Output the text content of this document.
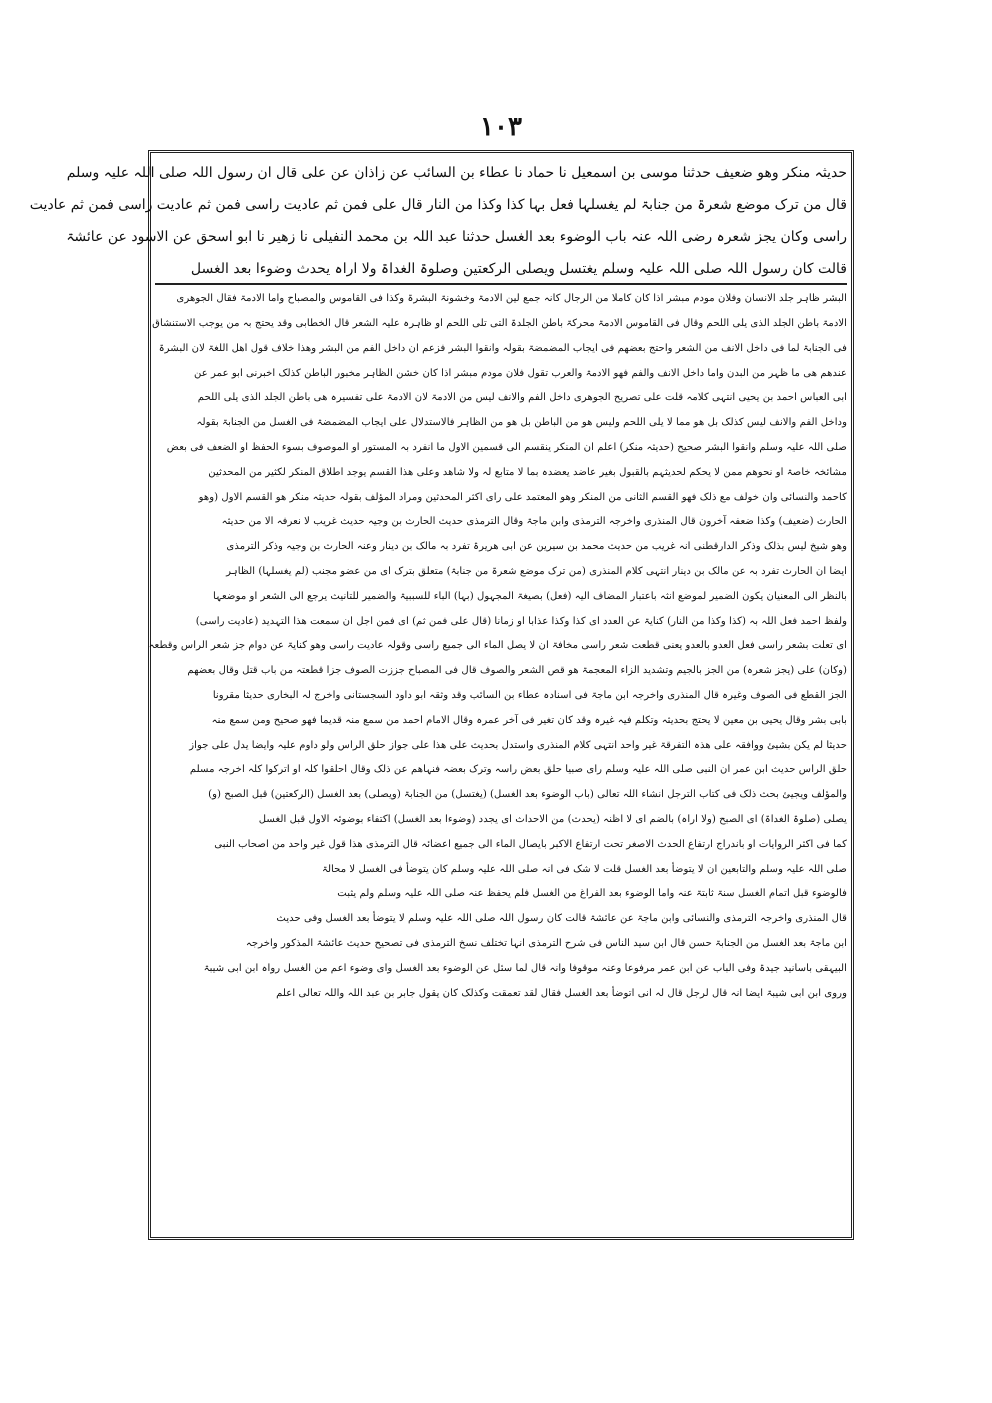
١٠٣
حدیثہ منکر وھو ضعیف حدثنا موسی بن اسمعیل نا حماد نا عطاء بن السائب عن زاذان عن علی قال ان رسول اللہ صلی اللہ علیہ وسلم
قال من ترک موضع شعرۃ من جنابۃ لم یغسلہا فعل بہا کذا وکذا من النار قال علی فمن ثم عادیت راسی فمن ثم عادیت راسی فمن ثم عادیت
راسی وکان یجز شعرہ رضی اللہ عنہ باب الوضوء بعد الغسل حدثنا عبد اللہ بن محمد النفیلی نا زھیر نا ابو اسحق عن الاسود عن عائشۃ
قالت کان رسول اللہ صلی اللہ علیہ وسلم یغتسل ویصلی الرکعتین وصلوۃ الغداۃ ولا اراہ یحدث وضوءا بعد الغسل
البشر ظاہر جلد الانسان وفلان مودم مبشر اذا کان کاملا من الرجال کانہ جمع لین الادمۃ وخشونۃ البشرۃ وکذا فی القاموس والمصباح واما الادمۃ فقال الجوھری
الادمۃ باطن الجلد الذی یلی اللحم وقال فی القاموس الادمۃ محرکۃ باطن الجلدۃ التی تلی اللحم او ظاہرہ علیہ الشعر قال الخطابی وقد یحتج بہ من یوجب الاستنشاق
فی الجنابۃ لما فی داخل الانف من الشعر واحتج بعضھم فی ایجاب المضمضۃ بقولہ وانقوا البشر فزعم ان داخل الفم من البشر وھذا خلاف قول اھل اللغۃ لان البشرۃ
عندھم ھی ما ظہر من البدن واما داخل الانف والفم فھو الادمۃ والعرب تقول فلان مودم مبشر اذا کان خشن الظاہر مخبور الباطن کذلک اخبرنی ابو عمر عن
ابی العباس احمد بن یحیی انتہی کلامہ قلت علی تصریح الجوھری داخل الفم والانف لیس من الادمۃ لان الادمۃ علی تفسیرہ ھی باطن الجلد الذی یلی اللحم
وداخل الفم والانف لیس کذلک بل ھو مما لا یلی اللحم ولیس ھو من الباطن بل ھو من الظاہر فالاستدلال علی ایجاب المضمضۃ فی الغسل من الجنابۃ بقولہ
صلی اللہ علیہ وسلم وانقوا البشر صحیح (حدیثہ منکر) اعلم ان المنکر ینقسم الی قسمین الاول ما انفرد بہ المستور او الموصوف بسوء الحفظ او الضعف فی بعض
مشائخہ خاصۃ او نحوھم ممن لا یحکم لحدیثہم بالقبول بغیر عاضد یعضدہ بما لا متابع لہ ولا شاھد وعلی ھذا القسم یوجد اطلاق المنکر لکثیر من المحدثین
کاحمد والنسائی وان خولف مع ذلک فھو القسم الثانی من المنکر وھو المعتمد علی رای اکثر المحدثین ومراد المؤلف بقولہ حدیثہ منکر ھو القسم الاول (وھو
الحارث (ضعیف) وکذا ضعفہ آخرون قال المنذری واخرجہ الترمذی وابن ماجۃ وقال الترمذی حدیث الحارث بن وجیہ حدیث غریب لا نعرفہ الا من حدیثہ
وھو شیخ لیس بذلک وذکر الدارقطنی انہ غریب من حدیث محمد بن سیرین عن ابی ھریرۃ تفرد بہ مالک بن دینار وعنہ الحارث بن وجیہ وذکر الترمذی
ایضا ان الحارث تفرد بہ عن مالک بن دینار انتہی کلام المنذری (من ترک موضع شعرۃ من جنابۃ) متعلق بترک ای من عضو مجنب (لم یغسلہا) الظاہر
بالنظر الی المعنیان یکون الضمیر لموضع انثہ باعتبار المضاف الیہ (فعل) بصیغۃ المجہول (بہا) الباء للسببیۃ والضمیر للتانیث یرجع الی الشعر او موضعہا
ولفظ احمد فعل اللہ بہ (کذا وکذا من النار) کنایۃ عن العدد ای کذا وکذا عذابا او زمانا (قال علی فمن ثم) ای فمن اجل ان سمعت ھذا التہدید (عادیت راسی)
ای تعلت بشعر راسی فعل العدو بالعدو یعنی قطعت شعر راسی مخافۃ ان لا یصل الماء الی جمیع راسی وقولہ عادیت راسی وھو کنایۃ عن دوام جز شعر الراس وقطعہ
(وکان) علی (یجز شعرہ) من الجز بالجیم وتشدید الزاء المعجمۃ ھو قص الشعر والصوف قال فی المصباح جززت الصوف جزا قطعتہ من باب قتل وقال بعضھم
الجز القطع فی الصوف وغیرہ قال المنذری واخرجہ ابن ماجۃ فی اسنادہ عطاء بن السائب وقد وثقہ ابو داود السجستانی واخرج لہ البخاری حدیثا مقرونا
بابی بشر وقال یحیی بن معین لا یحتج بحدیثہ وتکلم فیہ غیرہ وقد کان تغیر فی آخر عمرہ وقال الامام احمد من سمع منہ قدیما فھو صحیح ومن سمع منہ
حدیثا لم یکن بشیئ ووافقہ علی ھذہ التفرقۃ غیر واحد انتہی کلام المنذری واستدل بحدیث علی ھذا علی جواز حلق الراس ولو داوم علیہ وایضا یدل علی جواز
حلق الراس حدیث ابن عمر ان النبی صلی اللہ علیہ وسلم رای صبیا حلق بعض راسہ وترک بعضہ فنہاھم عن ذلک وقال احلقوا کلہ او اترکوا کلہ اخرجہ مسلم
والمؤلف ویجیئ بحث ذلک فی کتاب الترجل انشاء اللہ تعالی (باب الوضوء بعد الغسل) (یغتسل) من الجنابۃ (ویصلی) بعد الغسل (الرکعتین) قبل الصبح (و)
یصلی (صلوۃ الغداۃ) ای الصبح (ولا اراہ) بالضم ای لا اظنہ (یحدث) من الاحداث ای یجدد (وضوءا بعد الغسل) اکتفاء بوضوئہ الاول قبل الغسل
کما فی اکثر الروایات او باندراج ارتفاع الحدث الاصغر تحت ارتفاع الاکبر بایصال الماء الی جمیع اعضائہ قال الترمذی ھذا قول غیر واحد من اصحاب النبی
صلی اللہ علیہ وسلم والتابعین ان لا یتوضأ بعد الغسل قلت لا شک فی انہ صلی اللہ علیہ وسلم کان یتوضأ فی الغسل لا محالۃ
فالوضوء قبل اتمام الغسل سنۃ ثابتۃ عنہ واما الوضوء بعد الفراغ من الغسل فلم یحفظ عنہ صلی اللہ علیہ وسلم ولم یثبت
قال المنذری واخرجہ الترمذی والنسائی وابن ماجۃ عن عائشۃ قالت کان رسول اللہ صلی اللہ علیہ وسلم لا یتوضأ بعد الغسل وفی حدیث
ابن ماجۃ بعد الغسل من الجنابۃ حسن قال ابن سید الناس فی شرح الترمذی انہا تختلف نسخ الترمذی فی تصحیح حدیث عائشۃ المذکور واخرجہ
البیہقی باسانید جیدۃ وفی الباب عن ابن عمر مرفوعا وعنہ موقوفا وانہ قال لما سئل عن الوضوء بعد الغسل وای وضوء اعم من الغسل رواہ ابن ابی شیبۃ
وروی ابن ابی شیبۃ ایضا انہ قال لرجل قال لہ انی اتوضأ بعد الغسل فقال لقد تعمقت وکذلک کان یقول جابر بن عبد اللہ واللہ تعالی اعلم
